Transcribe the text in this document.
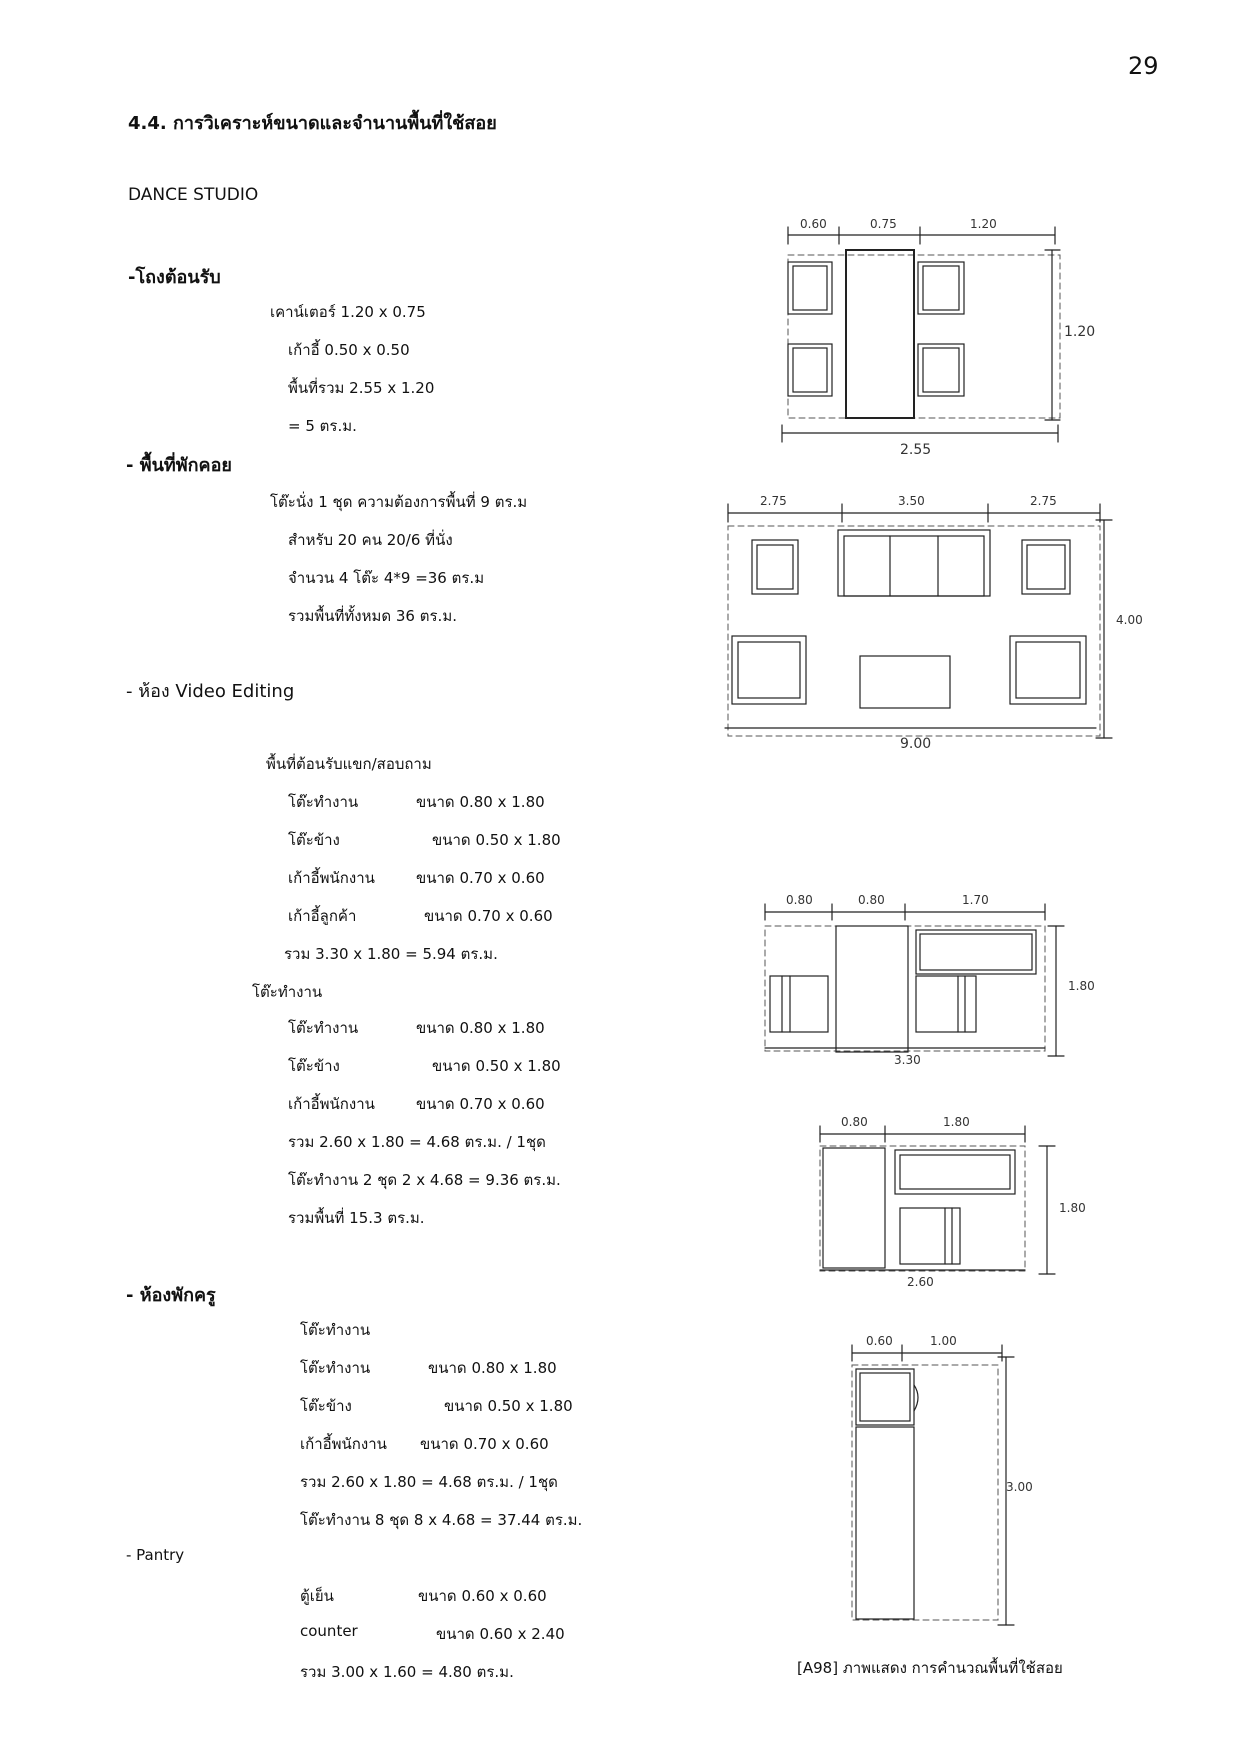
29
4.4. การวิเคราะห์ขนาดและจำนานพื้นที่ใช้สอย
DANCE STUDIO
-โถงต้อนรับ
เคาน์เตอร์ 1.20 x 0.75
เก้าอี้ 0.50 x 0.50
พื้นที่รวม 2.55 x 1.20
= 5 ตร.ม.
- พื้นที่พักคอย
โต๊ะนั่ง 1 ชุด ความต้องการพื้นที่ 9 ตร.ม
สำหรับ 20 คน 20/6 ที่นั่ง
จำนวน 4 โต๊ะ 4*9 =36 ตร.ม
รวมพื้นที่ทั้งหมด 36 ตร.ม.
- ห้อง Video Editing
พื้นที่ต้อนรับแขก/สอบถาม
โต๊ะทำงาน	ขนาด 0.80 x 1.80
โต๊ะข้าง	ขนาด 0.50 x 1.80
เก้าอี้พนักงาน	ขนาด 0.70 x 0.60
เก้าอี้ลูกค้า	ขนาด 0.70 x 0.60
รวม 3.30 x 1.80 = 5.94 ตร.ม.
โต๊ะทำงาน
โต๊ะทำงาน	ขนาด 0.80 x 1.80
โต๊ะข้าง	ขนาด 0.50 x 1.80
เก้าอี้พนักงาน	ขนาด 0.70 x 0.60
รวม 2.60 x 1.80 = 4.68 ตร.ม. / 1ชุด
โต๊ะทำงาน 2 ชุด 2 x 4.68 = 9.36 ตร.ม.
รวมพื้นที่ 15.3 ตร.ม.
- ห้องพักครู
โต๊ะทำงาน
โต๊ะทำงาน	ขนาด 0.80 x 1.80
โต๊ะข้าง	ขนาด 0.50 x 1.80
เก้าอี้พนักงาน ขนาด 0.70 x 0.60
รวม 2.60 x 1.80 = 4.68 ตร.ม. / 1ชุด
โต๊ะทำงาน 8 ชุด 8 x 4.68 = 37.44 ตร.ม.
- Pantry
ตู้เย็น	ขนาด 0.60 x 0.60
counter	ขนาด 0.60 x 2.40
รวม 3.00 x 1.60 = 4.80 ตร.ม.
0.60	0.75	1.20
1.20
2.55
2.75	3.50	2.75
4.00
9.00
0.80	0.80	1.70
1.80
3.30
0.80	1.80
1.80
2.60
0.60	1.00
3.00
[A98] ภาพแสดง การคำนวณพื้นที่ใช้สอย
